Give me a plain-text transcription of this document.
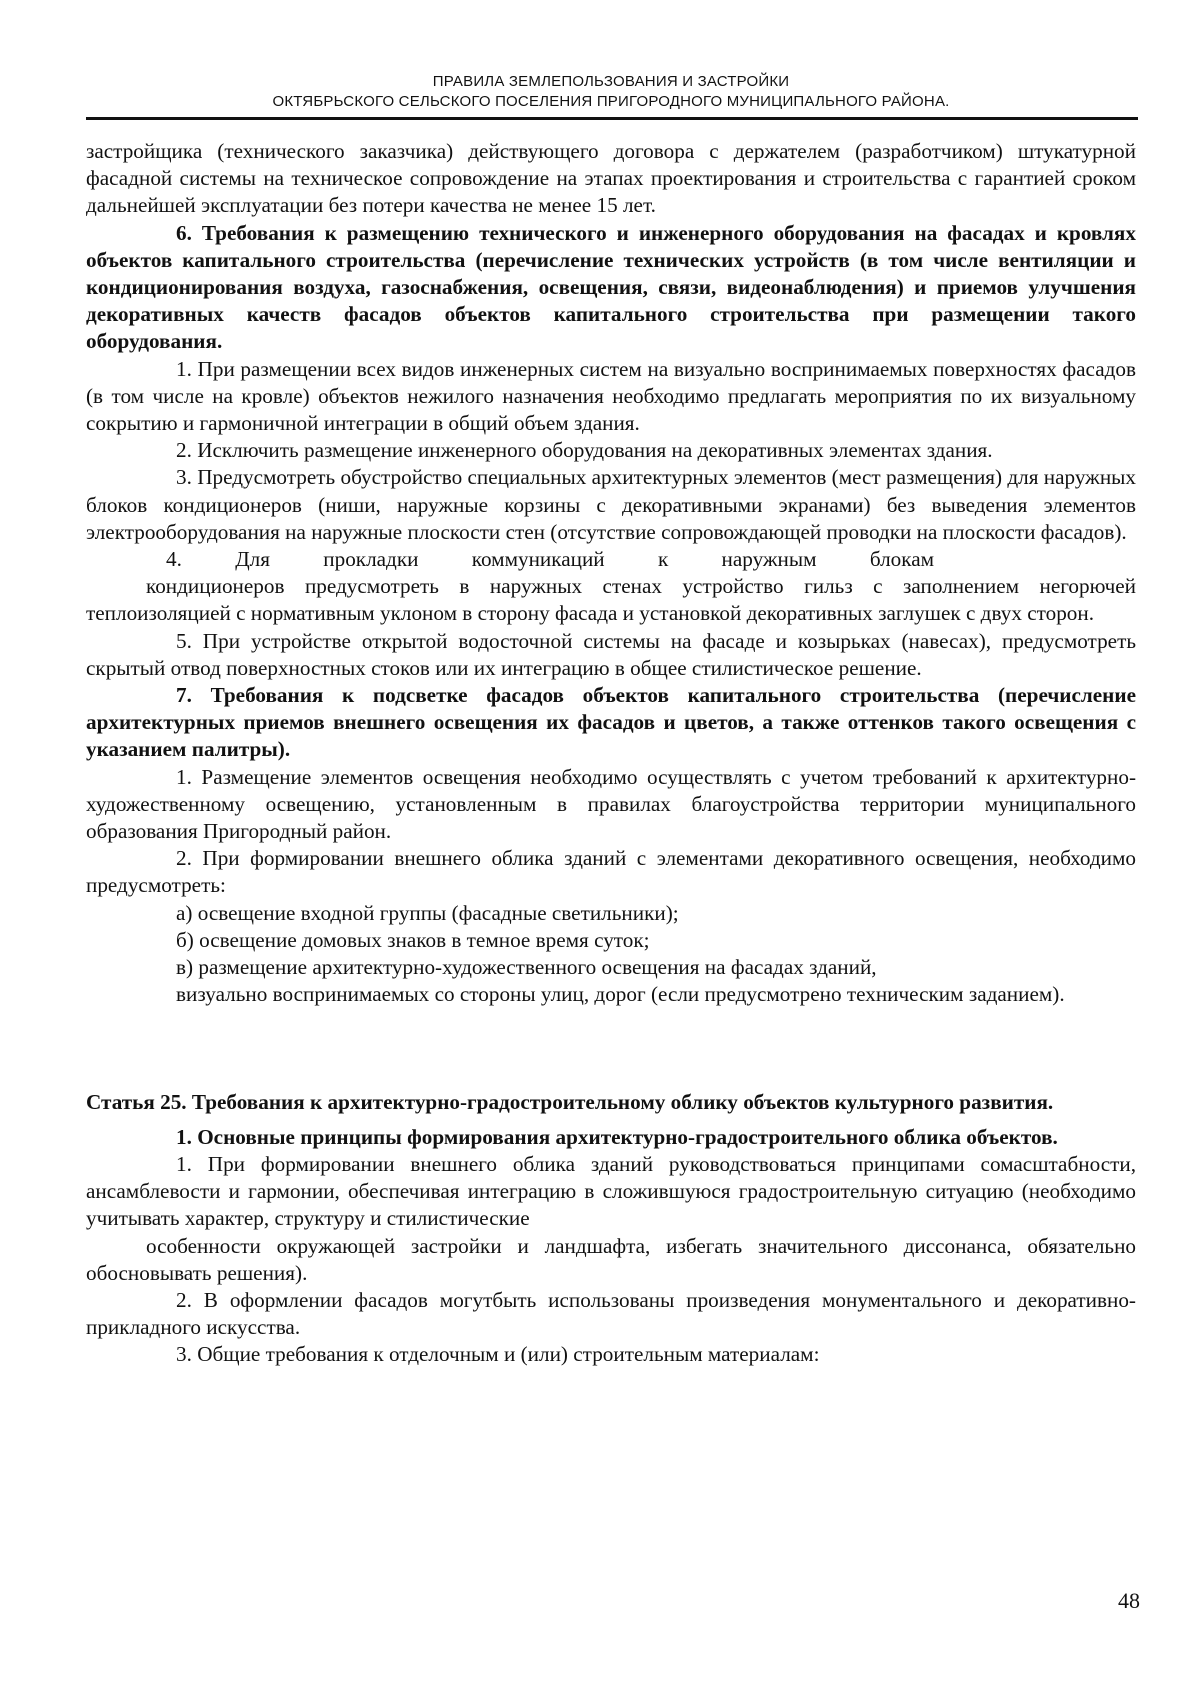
ПРАВИЛА ЗЕМЛЕПОЛЬЗОВАНИЯ И ЗАСТРОЙКИ
ОКТЯБРЬСКОГО СЕЛЬСКОГО ПОСЕЛЕНИЯ ПРИГОРОДНОГО МУНИЦИПАЛЬНОГО РАЙОНА.

застройщика (технического заказчика) действующего договора с держателем (разработчиком) штукатурной фасадной системы на техническое сопровождение на этапах проектирования и строительства с гарантией сроком дальнейшей эксплуатации без потери качества не менее 15 лет.

6. Требования к размещению технического и инженерного оборудования на фасадах и кровлях объектов капитального строительства (перечисление технических устройств (в том числе вентиляции и кондиционирования воздуха, газоснабжения, освещения, связи, видеонаблюдения) и приемов улучшения декоративных качеств фасадов объектов капитального строительства при размещении такого оборудования.

1. При размещении всех видов инженерных систем на визуально воспринимаемых поверхностях фасадов (в том числе на кровле) объектов нежилого назначения необходимо предлагать мероприятия по их визуальному сокрытию и гармоничной интеграции в общий объем здания.

2. Исключить размещение инженерного оборудования на декоративных элементах здания.

3. Предусмотреть обустройство специальных архитектурных элементов (мест размещения) для наружных блоков кондиционеров (ниши, наружные корзины с декоративными экранами) без выведения элементов электрооборудования на наружные плоскости стен (отсутствие сопровождающей проводки на плоскости фасадов).

4. Для прокладки коммуникаций к наружным блокам

кондиционеров предусмотреть в наружных стенах устройство гильз с заполнением негорючей теплоизоляцией с нормативным уклоном в сторону фасада и установкой декоративных заглушек с двух сторон.

5. При устройстве открытой водосточной системы на фасаде и козырьках (навесах), предусмотреть скрытый отвод поверхностных стоков или их интеграцию в общее стилистическое решение.

7. Требования к подсветке фасадов объектов капитального строительства (перечисление архитектурных приемов внешнего освещения их фасадов и цветов, а также оттенков такого освещения с указанием палитры).

1. Размещение элементов освещения необходимо осуществлять с учетом требований к архитектурно-художественному освещению, установленным в правилах благоустройства территории муниципального образования Пригородный район.

2. При формировании внешнего облика зданий с элементами декоративного освещения, необходимо предусмотреть:

а) освещение входной группы (фасадные светильники);

б) освещение домовых знаков в темное время суток;

в) размещение архитектурно-художественного освещения на фасадах зданий,

визуально воспринимаемых со стороны улиц, дорог (если предусмотрено техническим заданием).

Статья 25. Требования к архитектурно-градостроительному облику объектов культурного развития.

1. Основные принципы формирования архитектурно-градостроительного облика объектов.

1. При формировании внешнего облика зданий руководствоваться принципами сомасштабности, ансамблевости и гармонии, обеспечивая интеграцию в сложившуюся градостроительную ситуацию (необходимо учитывать характер, структуру и стилистические

особенности окружающей застройки и ландшафта, избегать значительного диссонанса, обязательно обосновывать решения).

2. В оформлении фасадов могутбыть использованы произведения монументального и декоративно-прикладного искусства.

3. Общие требования к отделочным и (или) строительным материалам:

48
